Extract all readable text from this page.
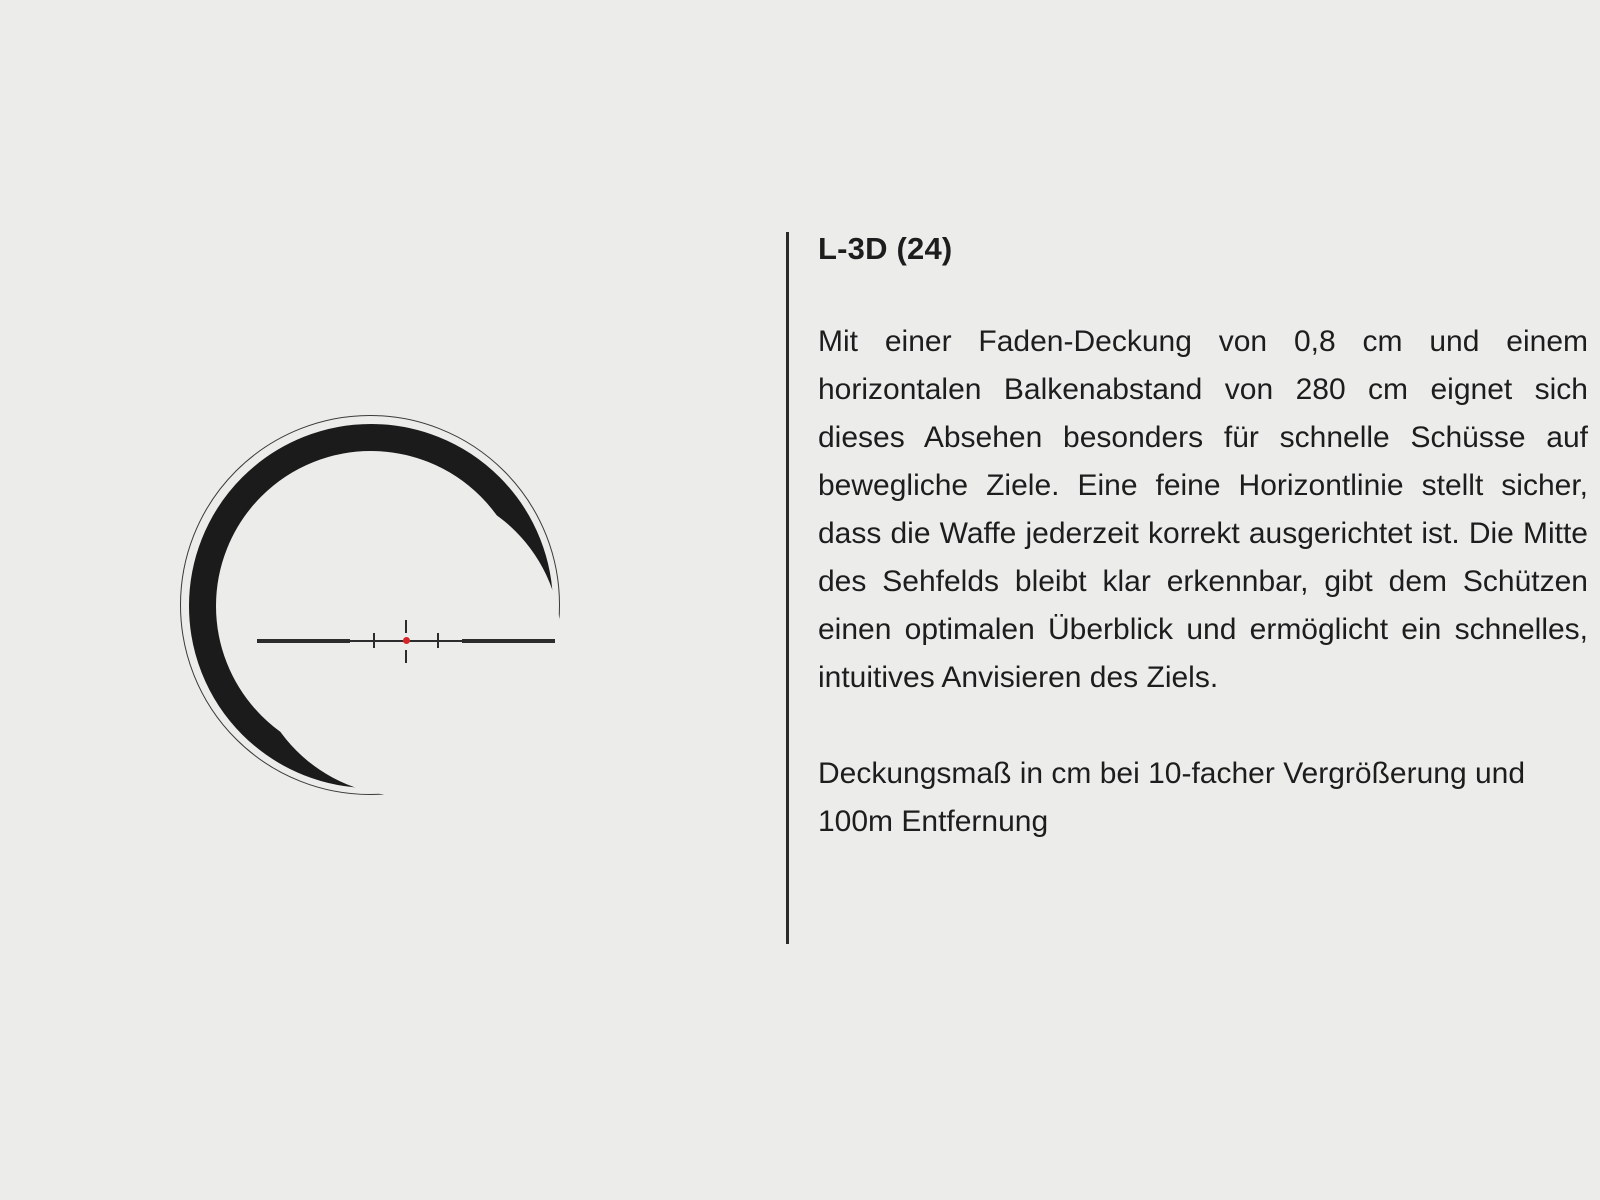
L-3D (24)

Mit einer Faden-Deckung von 0,8 cm und einem horizontalen Balkenabstand von 280 cm eignet sich dieses Absehen besonders für schnelle Schüsse auf bewegliche Ziele. Eine feine Horizontlinie stellt sicher, dass die Waffe jederzeit korrekt ausgerichtet ist. Die Mitte des Sehfelds bleibt klar erkennbar, gibt dem Schützen einen optimalen Überblick und ermöglicht ein schnelles, intuitives Anvisieren des Ziels.

Deckungsmaß in cm bei 10-facher Vergrößerung und 100m Entfernung
